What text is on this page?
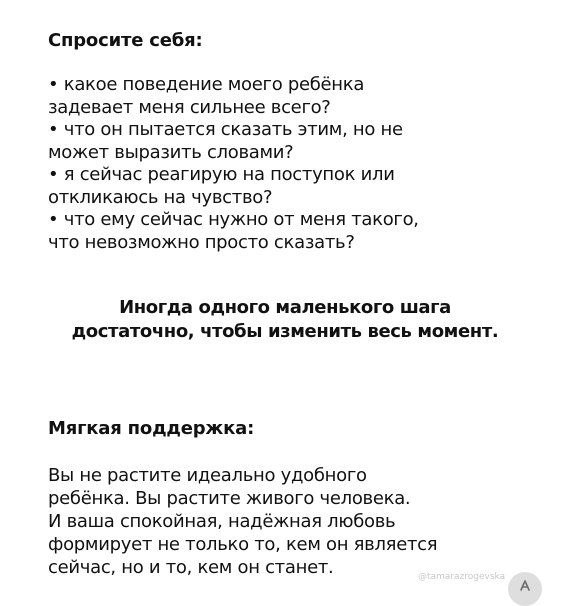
Спросите себя:
• какое поведение моего ребёнка
задевает меня сильнее всего?
• что он пытается сказать этим, но не
может выразить словами?
• я сейчас реагирую на поступок или
откликаюсь на чувство?
• что ему сейчас нужно от меня такого,
что невозможно просто сказать?

Иногда одного маленького шага
достаточно, чтобы изменить весь момент.

Мягкая поддержка:

Вы не растите идеально удобного
ребёнка. Вы растите живого человека.
И ваша спокойная, надёжная любовь
формирует не только то, кем он является
сейчас, но и то, кем он станет.	@tamarazrogevska
